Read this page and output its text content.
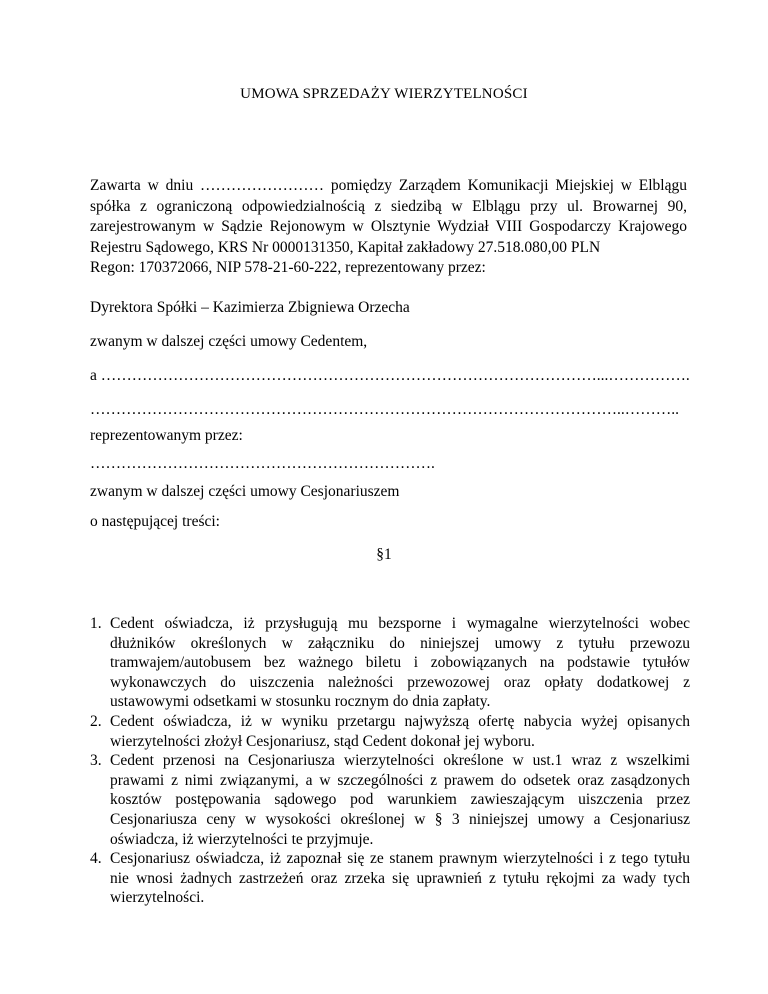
UMOWA SPRZEDAŻY WIERZYTELNOŚCI
Zawarta w dniu …………………… pomiędzy Zarządem Komunikacji Miejskiej w Elblągu
spółka z ograniczoną odpowiedzialnością z siedzibą w Elblągu przy ul. Browarnej 90,
zarejestrowanym w Sądzie Rejonowym w Olsztynie Wydział VIII Gospodarczy Krajowego
Rejestru Sądowego, KRS Nr 0000131350, Kapitał zakładowy 27.518.080,00 PLN
Regon: 170372066, NIP 578-21-60-222, reprezentowany przez:
Dyrektora Spółki – Kazimierza Zbigniewa Orzecha
zwanym w dalszej części umowy Cedentem,
a ……………………………………………………………………………………...…………….
…………………………………………………………………………………………..………..
reprezentowanym przez:
………………………………………………………….
zwanym w dalszej części umowy Cesjonariuszem
o następującej treści:
§1
1. Cedent oświadcza, iż przysługują mu bezsporne i wymagalne wierzytelności wobec dłużników określonych w załączniku do niniejszej umowy z tytułu przewozu tramwajem/autobusem bez ważnego biletu i zobowiązanych na podstawie tytułów wykonawczych do uiszczenia należności przewozowej oraz opłaty dodatkowej z ustawowymi odsetkami w stosunku rocznym do dnia zapłaty.
2. Cedent oświadcza, iż w wyniku przetargu najwyższą ofertę nabycia wyżej opisanych wierzytelności złożył Cesjonariusz, stąd Cedent dokonał jej wyboru.
3. Cedent przenosi na Cesjonariusza wierzytelności określone w ust.1 wraz z wszelkimi prawami z nimi związanymi, a w szczególności z prawem do odsetek oraz zasądzonych kosztów postępowania sądowego pod warunkiem zawieszającym uiszczenia przez Cesjonariusza ceny w wysokości określonej w § 3 niniejszej umowy a Cesjonariusz oświadcza, iż wierzytelności te przyjmuje.
4. Cesjonariusz oświadcza, iż zapoznał się ze stanem prawnym wierzytelności i z tego tytułu nie wnosi żadnych zastrzeżeń oraz zrzeka się uprawnień z tytułu rękojmi za wady tych wierzytelności.
